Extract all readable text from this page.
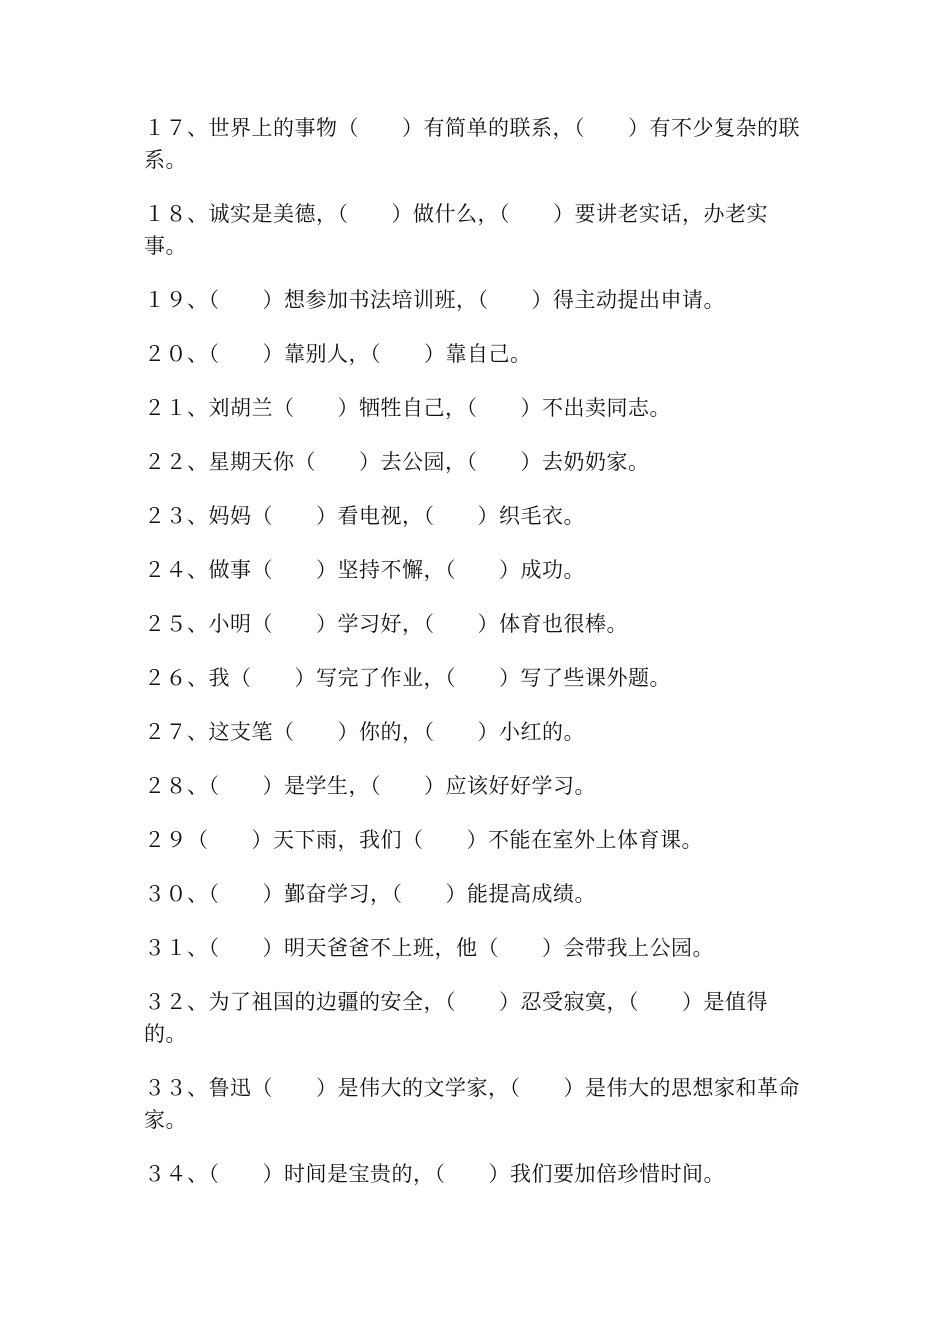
１７、世界上的事物（　　）有简单的联系，（　　）有不少复杂的联系。

１８、诚实是美德，（　　）做什么，（　　）要讲老实话，办老实事。

１９、（　　）想参加书法培训班，（　　）得主动提出申请。

２０、（　　）靠别人，（　　）靠自己。

２１、刘胡兰（　　）牺牲自己，（　　）不出卖同志。

２２、星期天你（　　）去公园，（　　）去奶奶家。

２３、妈妈（　　）看电视，（　　）织毛衣。

２４、做事（　　）坚持不懈，（　　）成功。

２５、小明（　　）学习好，（　　）体育也很棒。

２６、我（　　）写完了作业，（　　）写了些课外题。

２７、这支笔（　　）你的，（　　）小红的。

２８、（　　）是学生，（　　）应该好好学习。

２９（　　）天下雨，我们（　　）不能在室外上体育课。

３０、（　　）鄞奋学习，（　　）能提高成绩。

３１、（　　）明天爸爸不上班，他（　　）会带我上公园。

３２、为了祖国的边疆的安全，（　　）忍受寂寞，（　　）是值得的。

３３、鲁迅（　　）是伟大的文学家，（　　）是伟大的思想家和革命家。

３４、（　　）时间是宝贵的，（　　）我们要加倍珍惜时间。
